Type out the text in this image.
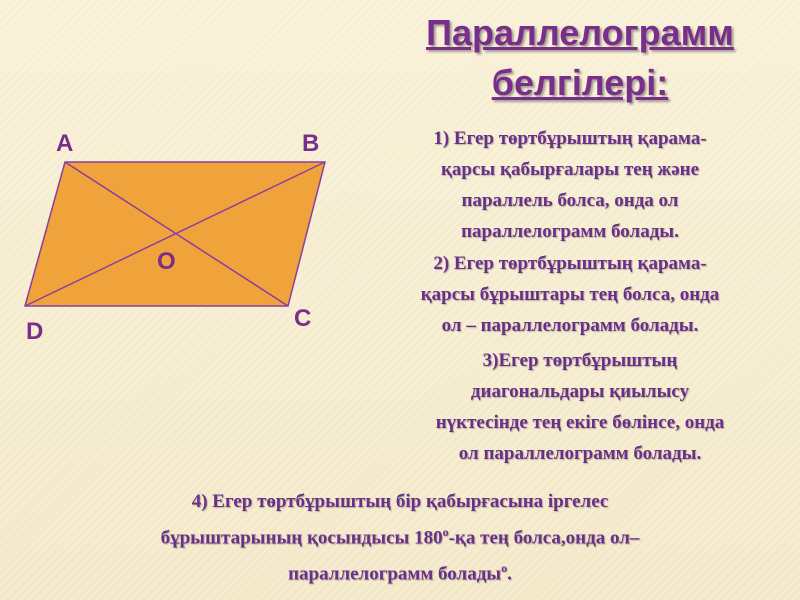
Параллелограмм
белгілері:
A	B
C
D
O
1) Егер төртбұрыштың қарама-
қарсы қабырғалары тең және
параллель болса, онда ол
параллелограмм болады.
2) Егер төртбұрыштың қарама-
қарсы бұрыштары тең болса, онда
ол – параллелограмм болады.
3)Егер төртбұрыштың
диагональдары қиылысу
нүктесінде тең екіге бөлінсе, онда
ол параллелограмм болады.
4) Егер төртбұрыштың бір қабырғасына іргелес
бұрыштарының қосындысы $180^о-қа$ тең болса,онда ол–
параллелограмм болады$^о$.
